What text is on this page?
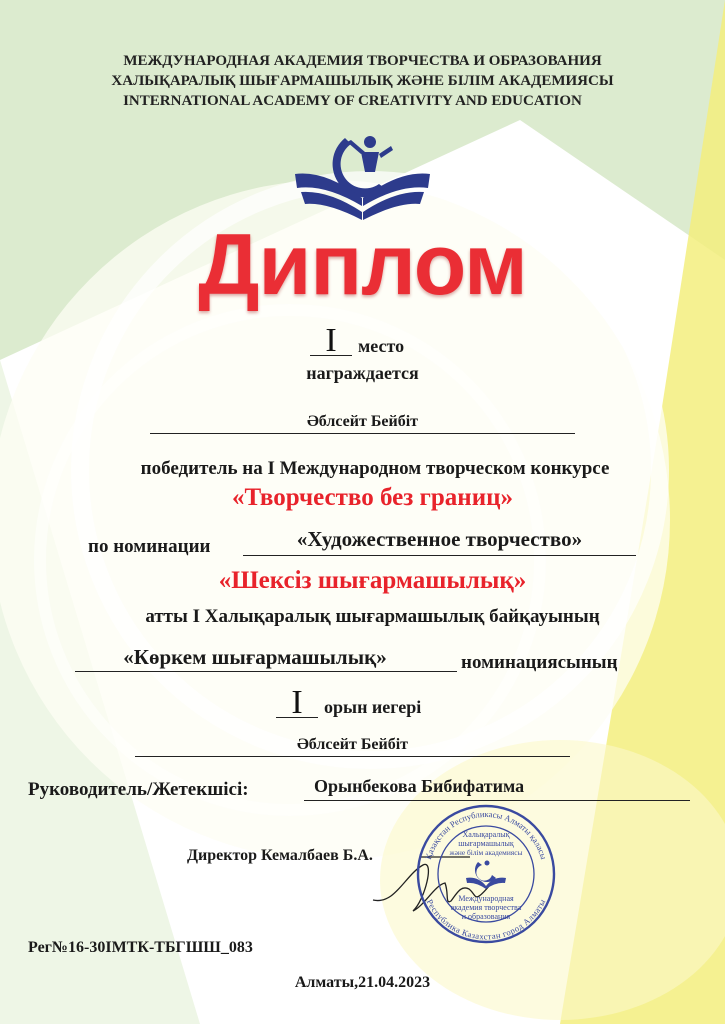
МЕЖДУНАРОДНАЯ АКАДЕМИЯ ТВОРЧЕСТВА И ОБРАЗОВАНИЯ
ХАЛЫҚАРАЛЫҚ ШЫҒАРМАШЫЛЫҚ ЖӘНЕ БІЛІМ АКАДЕМИЯСЫ
INTERNATIONAL ACADEMY OF CREATIVITY AND EDUCATION
Диплом
I	место
награждается
Әблсейт Бейбіт
победитель на I Международном творческом конкурсе
«Творчество без границ»
по номинации	«Художественное творчество»
«Шексіз шығармашылық»
атты I Халықаралық шығармашылық байқауының
«Көркем шығармашылық»	номинациясының
I	орын иегері
Әблсейт Бейбіт
Руководитель/Жетекшісі:	Орынбекова Бибифатима
Директор Кемалбаев Б.А.	Қазақстан Республикасы Алматы қаласы
Республика Казахстан город Алматы
Халықаралық
шығармашылық
және білім академиясы
Международная
академия творчества
и образования
Рег№16-30IМТК-ТБГШШ_083
Алматы,21.04.2023
